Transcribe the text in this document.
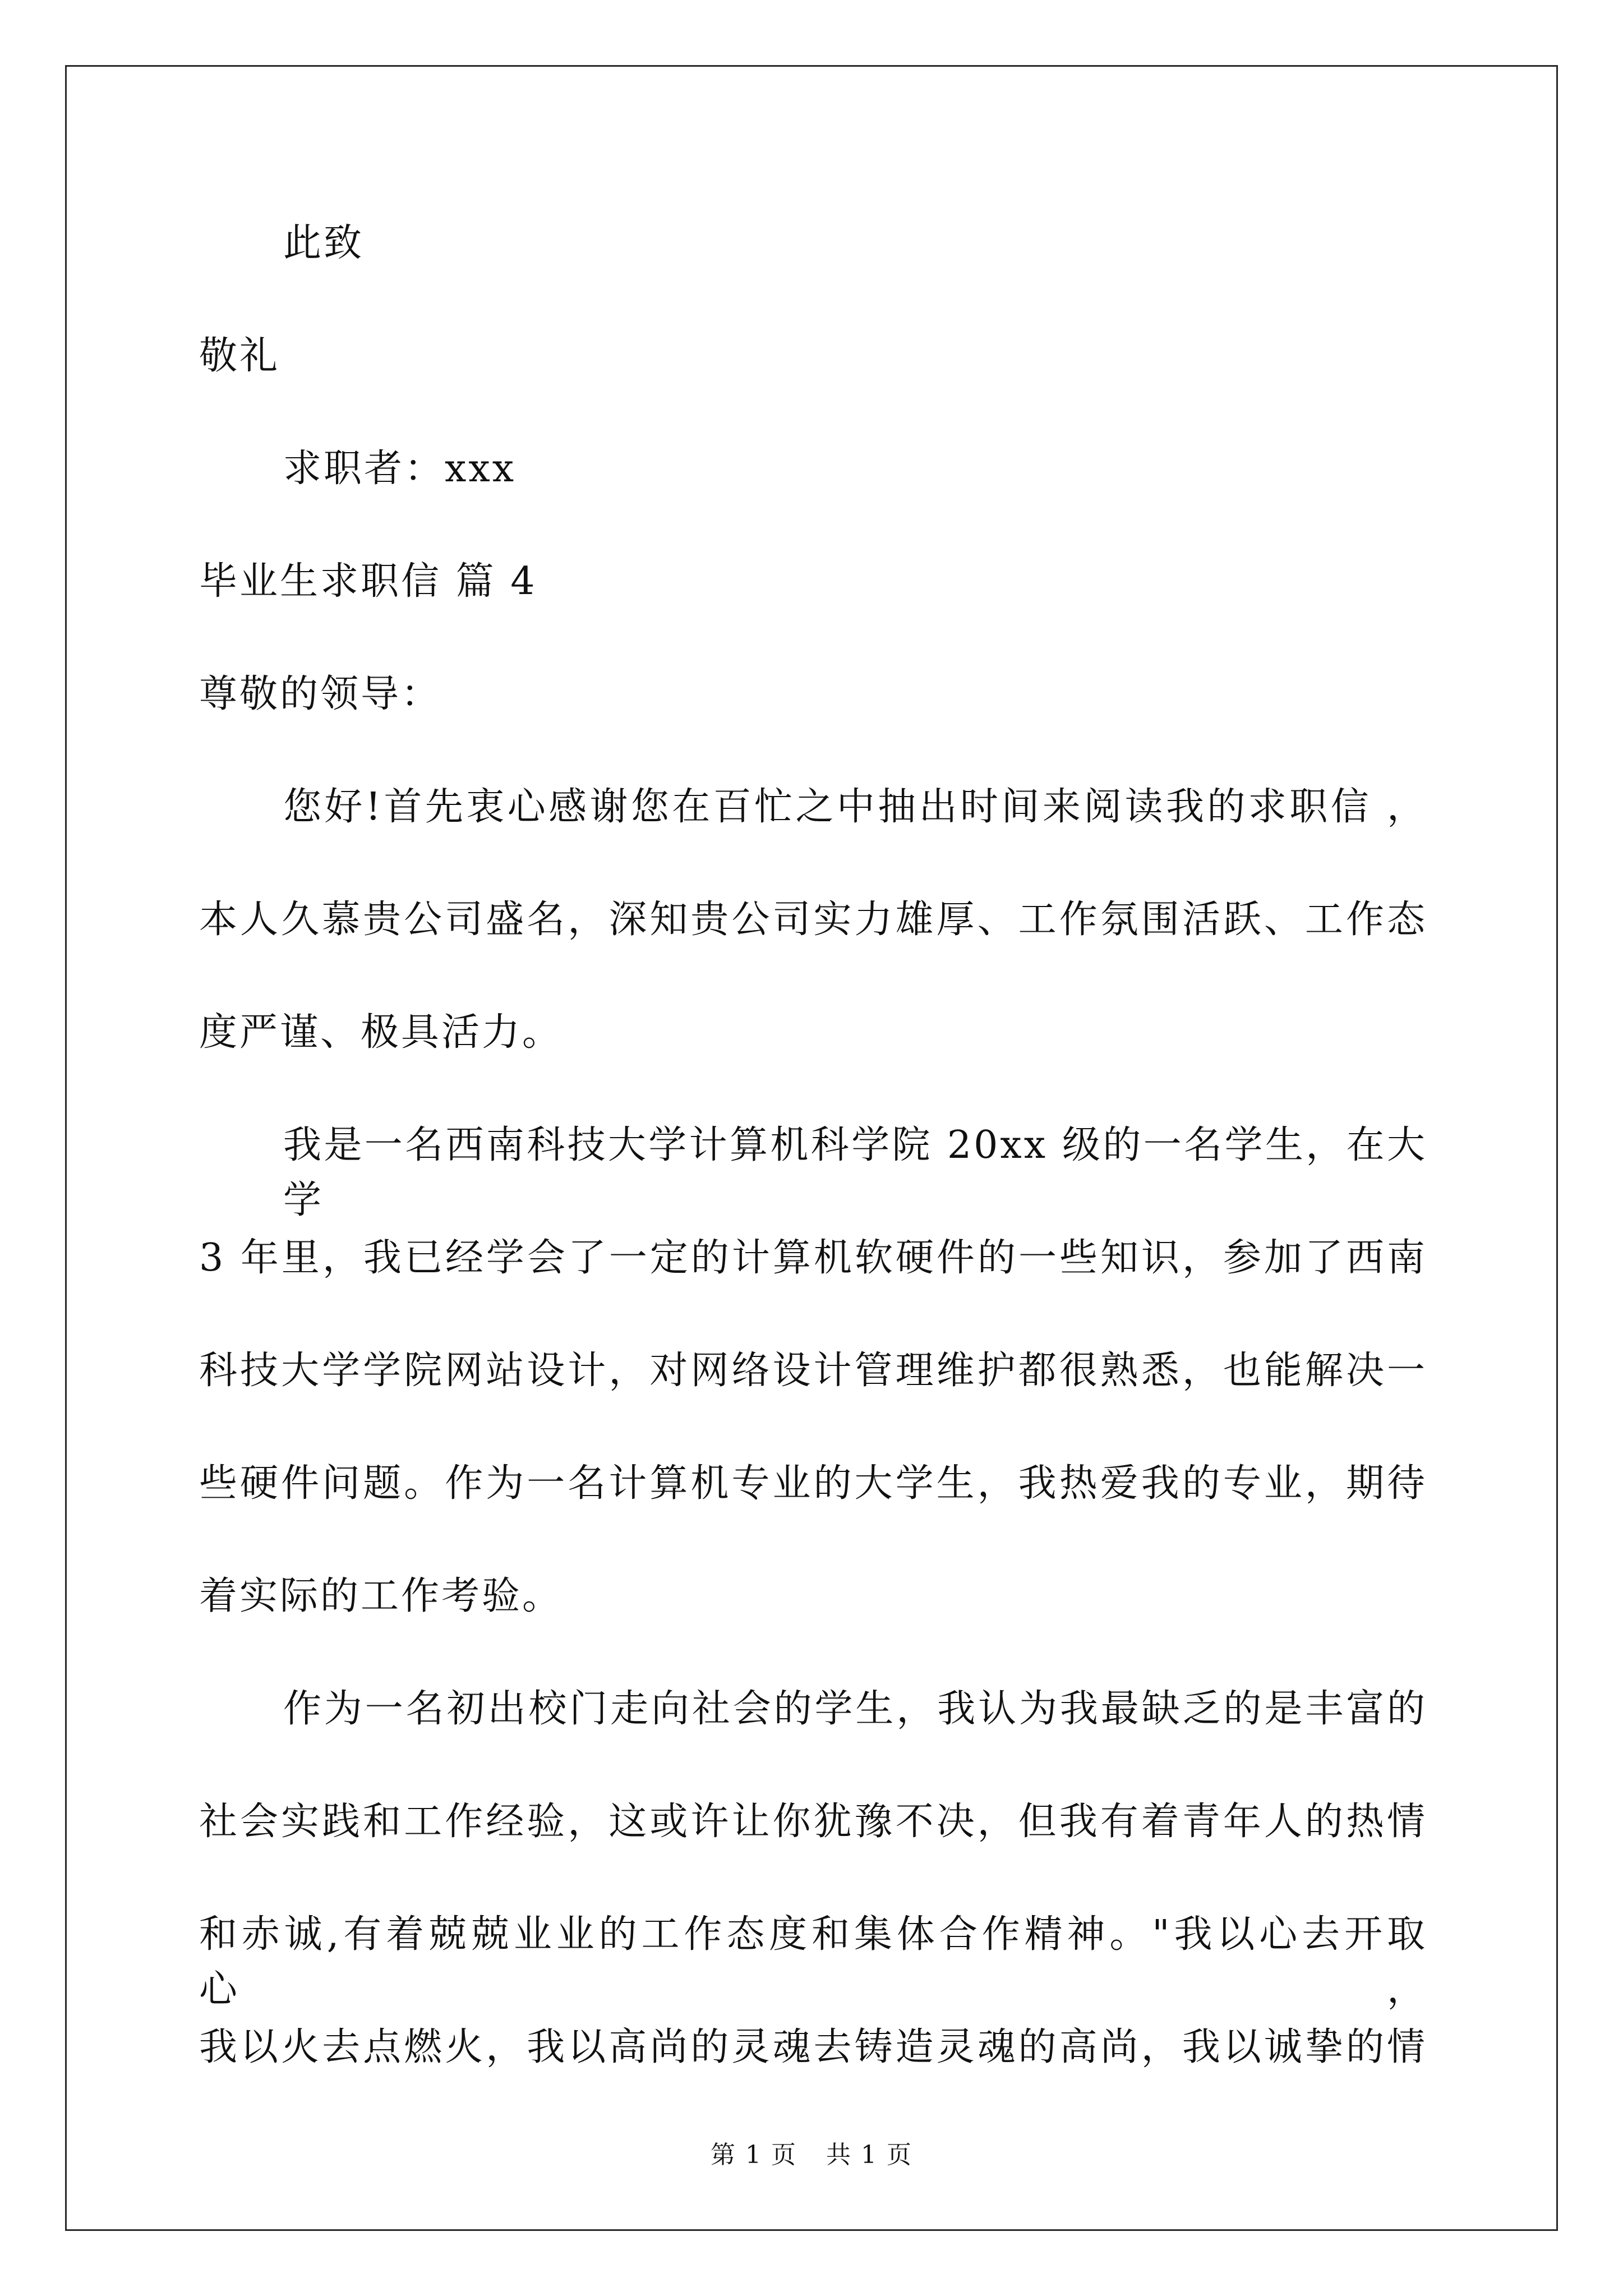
此致
敬礼
求职者：xxx
毕业生求职信 篇 4
尊敬的领导：
您好!首先衷心感谢您在百忙之中抽出时间来阅读我的求职信 ，
本人久慕贵公司盛名，深知贵公司实力雄厚、工作氛围活跃、工作态
度严谨、极具活力。
我是一名西南科技大学计算机科学院 20xx 级的一名学生，在大学
3 年里，我已经学会了一定的计算机软硬件的一些知识，参加了西南
科技大学学院网站设计，对网络设计管理维护都很熟悉，也能解决一
些硬件问题。作为一名计算机专业的大学生，我热爱我的专业，期待
着实际的工作考验。
作为一名初出校门走向社会的学生，我认为我最缺乏的是丰富的
社会实践和工作经验，这或许让你犹豫不决，但我有着青年人的热情
和赤诚,有着兢兢业业的工作态度和集体合作精神。"我以心去开取心，
我以火去点燃火，我以高尚的灵魂去铸造灵魂的高尚，我以诚挚的情
第 1 页 共 1 页
